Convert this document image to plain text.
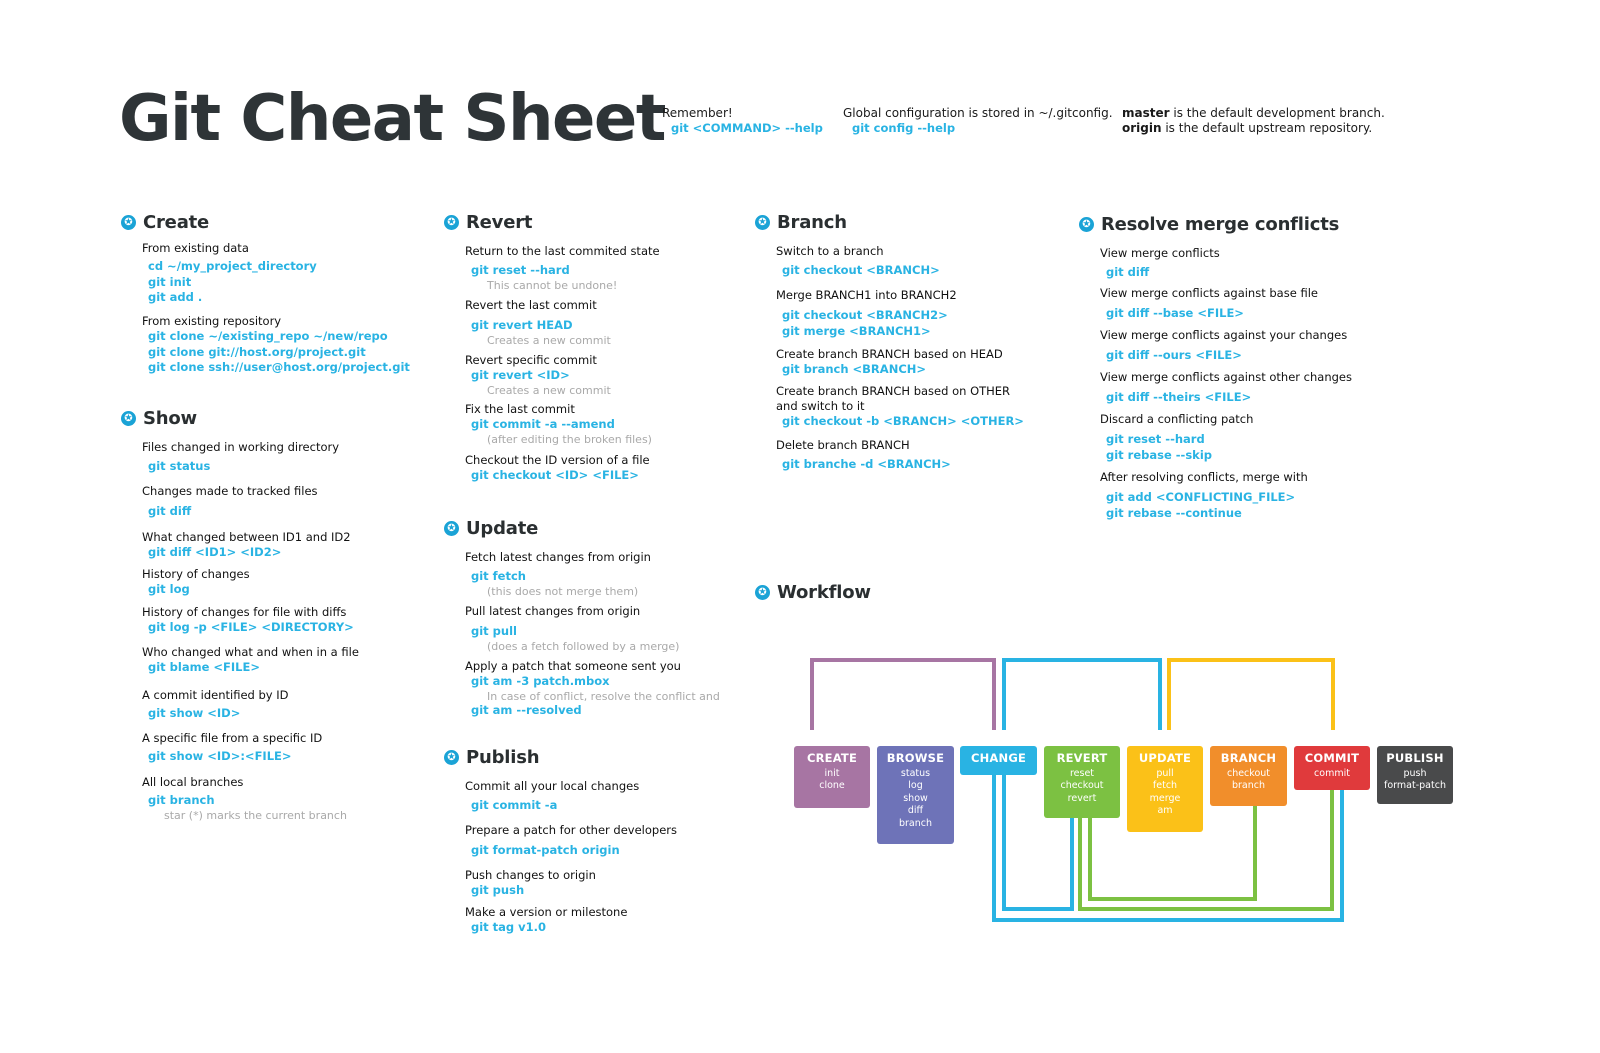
Git Cheat Sheet
Remember!
git <COMMAND> --help
Global configuration is stored in ~/.gitconfig.
git config --help
master is the default development branch.
origin is the default upstream repository.
✪ Create
From existing data
cd ~/my_project_directory
git init
git add .
From existing repository
git clone ~/existing_repo ~/new/repo
git clone git://host.org/project.git
git clone ssh://user@host.org/project.git
✪ Show
Files changed in working directory
git status
Changes made to tracked files
git diff
What changed between ID1 and ID2
git diff <ID1> <ID2>
History of changes
git log
History of changes for file with diffs
git log -p <FILE> <DIRECTORY>
Who changed what and when in a file
git blame <FILE>
A commit identified by ID
git show <ID>
A specific file from a specific ID
git show <ID>:<FILE>
All local branches
git branch
star (*) marks the current branch
✪ Revert
Return to the last commited state
git reset --hard
This cannot be undone!
Revert the last commit
git revert HEAD
Creates a new commit
Revert specific commit
git revert <ID>
Creates a new commit
Fix the last commit
git commit -a --amend
(after editing the broken files)
Checkout the ID version of a file
git checkout <ID> <FILE>
✪ Update
Fetch latest changes from origin
git fetch
(this does not merge them)
Pull latest changes from origin
git pull
(does a fetch followed by a merge)
Apply a patch that someone sent you
git am -3 patch.mbox
In case of conflict, resolve the conflict and
git am --resolved
✪ Publish
Commit all your local changes
git commit -a
Prepare a patch for other developers
git format-patch origin
Push changes to origin
git push
Make a version or milestone
git tag v1.0
✪ Branch
Switch to a branch
git checkout <BRANCH>
Merge BRANCH1 into BRANCH2
git checkout <BRANCH2>
git merge <BRANCH1>
Create branch BRANCH based on HEAD
git branch <BRANCH>
Create branch BRANCH based on OTHER
and switch to it
git checkout -b <BRANCH> <OTHER>
Delete branch BRANCH
git branche -d <BRANCH>
✪ Resolve merge conflicts
View merge conflicts
git diff
View merge conflicts against base file
git diff --base <FILE>
View merge conflicts against your changes
git diff --ours <FILE>
View merge conflicts against other changes
git diff --theirs <FILE>
Discard a conflicting patch
git reset --hard
git rebase --skip
After resolving conflicts, merge with
git add <CONFLICTING_FILE>
git rebase --continue
✪ Workflow
CREATE
init
clone
BROWSE
status
log
show
diff
branch
CHANGE	REVERT
reset
checkout
revert
UPDATE
pull
fetch
merge
am
BRANCH
checkout
branch
COMMIT
commit
PUBLISH
push
format-patch
